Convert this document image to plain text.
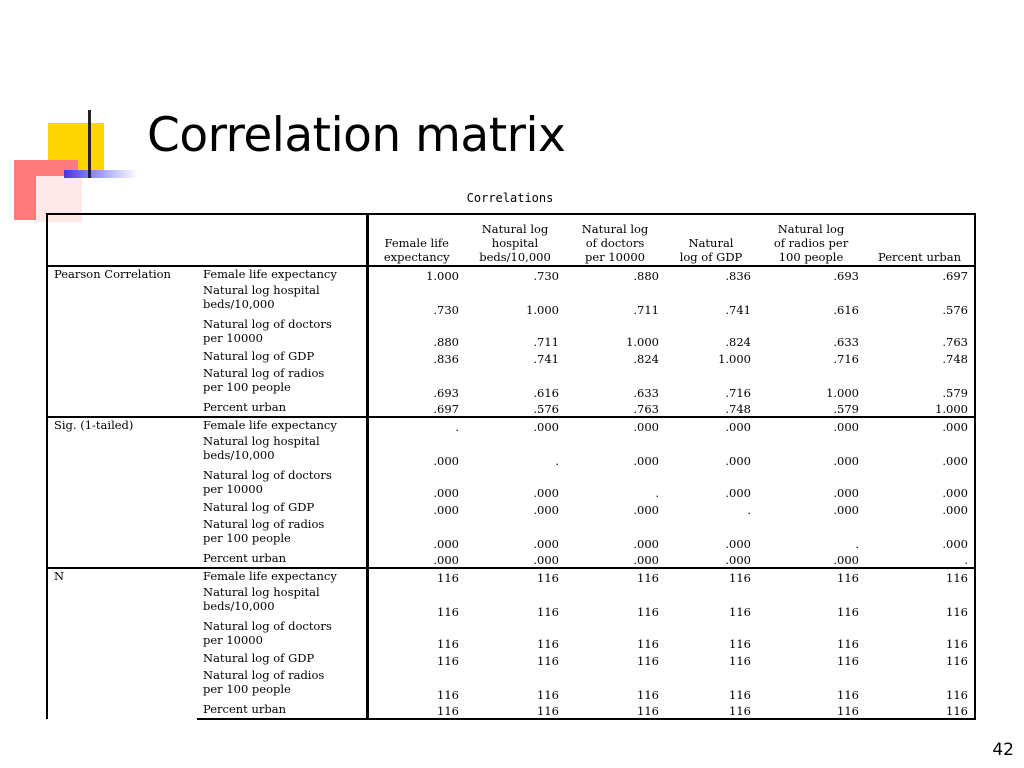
Correlation matrix
Correlations
		Female life
expectancy	Natural log
hospital
beds/10,000	Natural log
of doctors
per 10000	Natural
log of GDP	Natural log
of radios per
100 people	Percent urban
Pearson Correlation	Female life expectancy	1.000	.730	.880	.836	.693	.697
	Natural log hospital
beds/10,000	.730	1.000	.711	.741	.616	.576
	Natural log of doctors
per 10000	.880	.711	1.000	.824	.633	.763
	Natural log of GDP	.836	.741	.824	1.000	.716	.748
	Natural log of radios
per 100 people	.693	.616	.633	.716	1.000	.579
	Percent urban	.697	.576	.763	.748	.579	1.000
Sig. (1-tailed)	Female life expectancy	.	.000	.000	.000	.000	.000
	Natural log hospital
beds/10,000	.000	.	.000	.000	.000	.000
	Natural log of doctors
per 10000	.000	.000	.	.000	.000	.000
	Natural log of GDP	.000	.000	.000	.	.000	.000
	Natural log of radios
per 100 people	.000	.000	.000	.000	.	.000
	Percent urban	.000	.000	.000	.000	.000	.
N	Female life expectancy	116	116	116	116	116	116
	Natural log hospital
beds/10,000	116	116	116	116	116	116
	Natural log of doctors
per 10000	116	116	116	116	116	116
	Natural log of GDP	116	116	116	116	116	116
	Natural log of radios
per 100 people	116	116	116	116	116	116
	Percent urban	116	116	116	116	116	116
42
